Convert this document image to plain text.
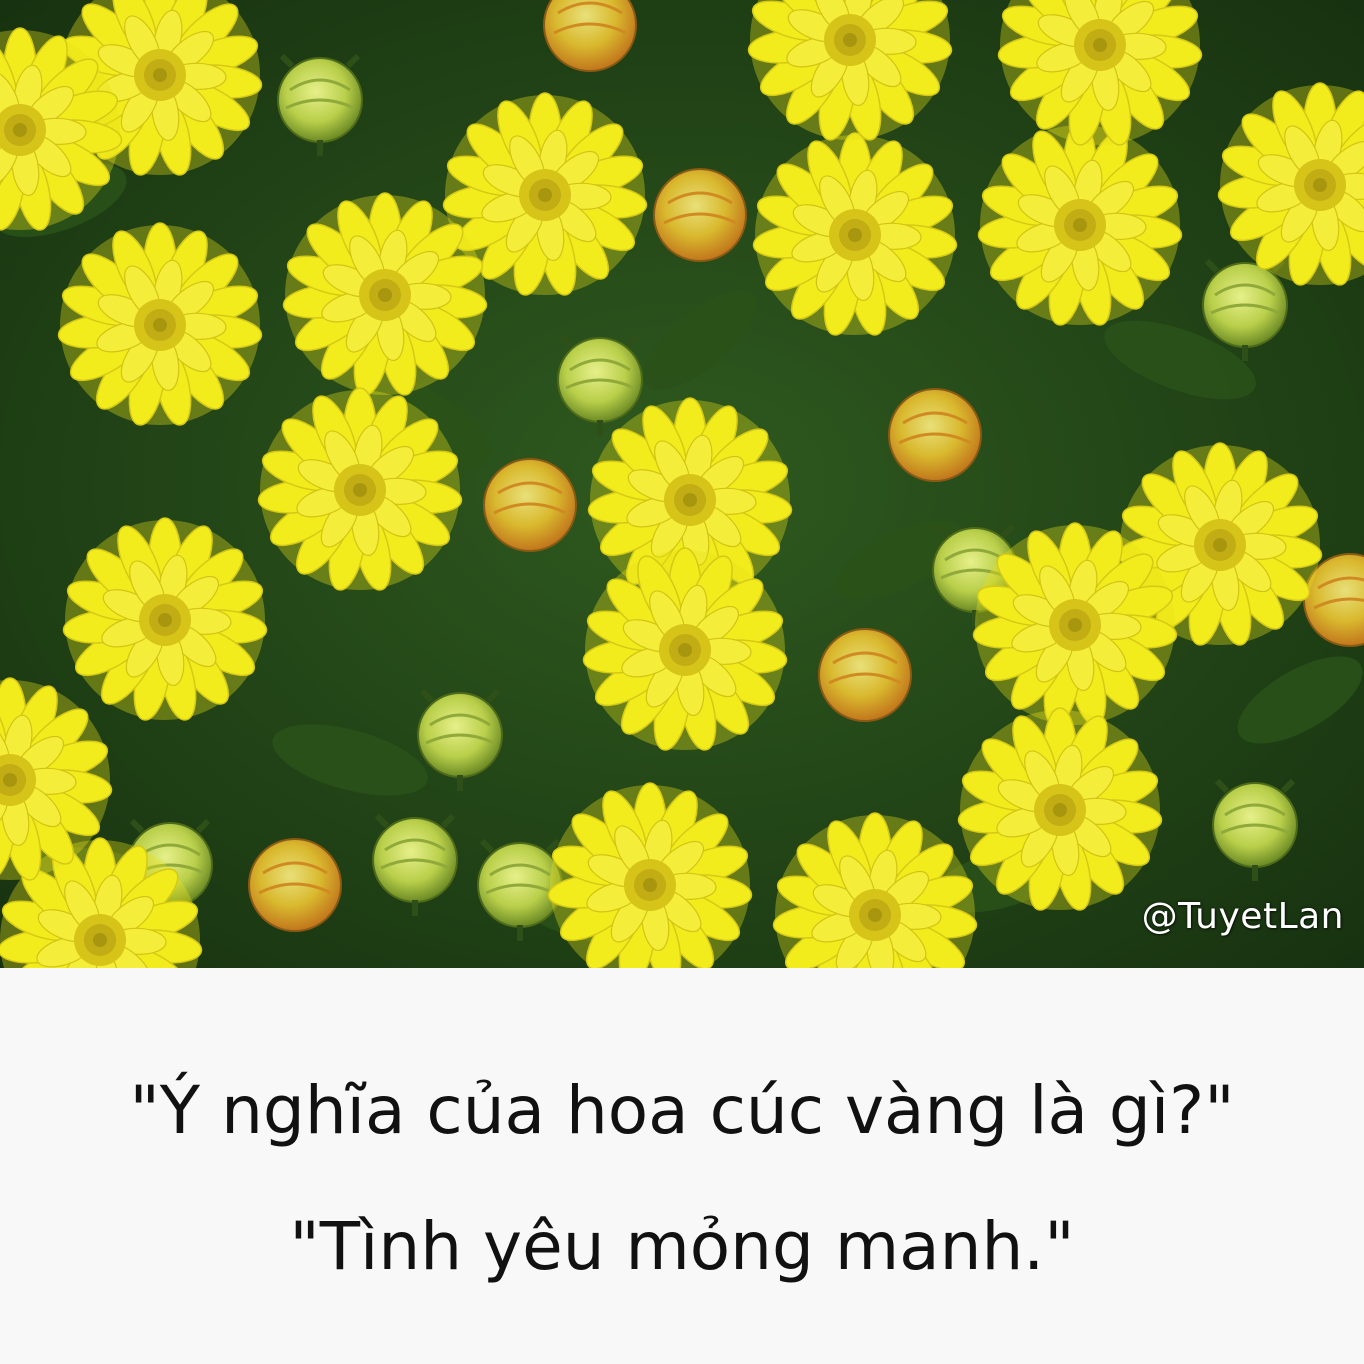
@TuyetLan
"Ý nghĩa của hoa cúc vàng là gì?"
"Tình yêu mỏng manh."
